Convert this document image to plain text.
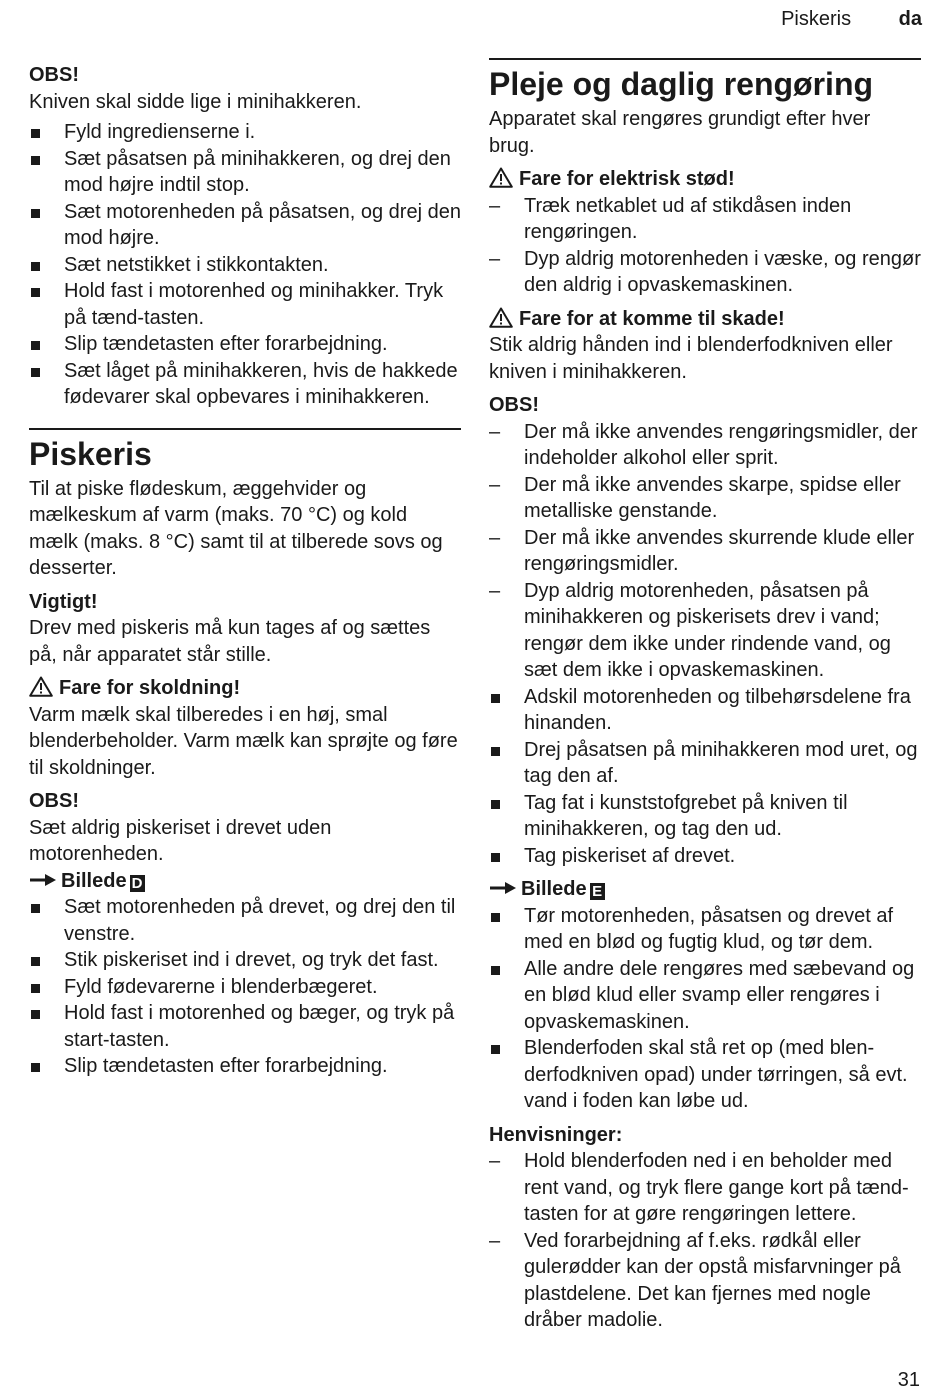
Piskeris da

OBS!

Kniven skal sidde lige i minihakkeren.

Fyld ingredienserne i.
Sæt påsatsen på minihakkeren, og drej den mod højre indtil stop.
Sæt motorenheden på påsatsen, og drej den mod højre.
Sæt netstikket i stikkontakten.
Hold fast i motorenhed og minihakker. Tryk på tænd-tasten.
Slip tændetasten efter forarbejdning.
Sæt låget på minihakkeren, hvis de hakkede fødevarer skal opbevares i minihakkeren.

Piskeris

Til at piske flødeskum, æggehvider og mælkeskum af varm (maks. 70 °C) og kold mælk (maks. 8 °C) samt til at tilberede sovs og desserter.

Vigtigt!

Drev med piskeris må kun tages af og sættes på, når apparatet står stille.

Fare for skoldning!

Varm mælk skal tilberedes i en høj, smal blenderbeholder. Varm mælk kan sprøjte og føre til skoldninger.

OBS!

Sæt aldrig piskeriset i drevet uden motorenheden.

Billede D

Sæt motorenheden på drevet, og drej den til venstre.
Stik piskeriset ind i drevet, og tryk det fast.
Fyld fødevarerne i blenderbægeret.
Hold fast i motorenhed og bæger, og tryk på start-tasten.
Slip tændetasten efter forarbejdning.

Pleje og daglig rengøring

Apparatet skal rengøres grundigt efter hver brug.

Fare for elektrisk stød!

– Træk netkablet ud af stikdåsen inden rengøringen.
– Dyp aldrig motorenheden i væske, og rengør den aldrig i opvaskemaskinen.

Fare for at komme til skade!

Stik aldrig hånden ind i blenderfodkniven eller kniven i minihakkeren.

OBS!

– Der må ikke anvendes rengøringsmidler, der indeholder alkohol eller sprit.
– Der må ikke anvendes skarpe, spidse eller metalliske genstande.
– Der må ikke anvendes skurrende klude eller rengøringsmidler.
– Dyp aldrig motorenheden, påsatsen på minihakkeren og piskerisets drev i vand; rengør dem ikke under rindende vand, og sæt dem ikke i opvaskemaskinen.
Adskil motorenheden og tilbehørsdelene fra hinanden.
Drej påsatsen på minihakkeren mod uret, og tag den af.
Tag fat i kunststofgrebet på kniven til minihakkeren, og tag den ud.
Tag piskeriset af drevet.

Billede E

Tør motorenheden, påsatsen og drevet af med en blød og fugtig klud, og tør dem.
Alle andre dele rengøres med sæbevand og en blød klud eller svamp eller rengøres i opvaskemaskinen.
Blenderfoden skal stå ret op (med blenderfodkniven opad) under tørringen, så evt. vand i foden kan løbe ud.

Henvisninger:

– Hold blenderfoden ned i en beholder med rent vand, og tryk flere gange kort på tænd-tasten for at gøre rengøringen lettere.
– Ved forarbejdning af f.eks. rødkål eller gulerødder kan der opstå misfarvninger på plastdelene. Det kan fjernes med nogle dråber madolie.
31
